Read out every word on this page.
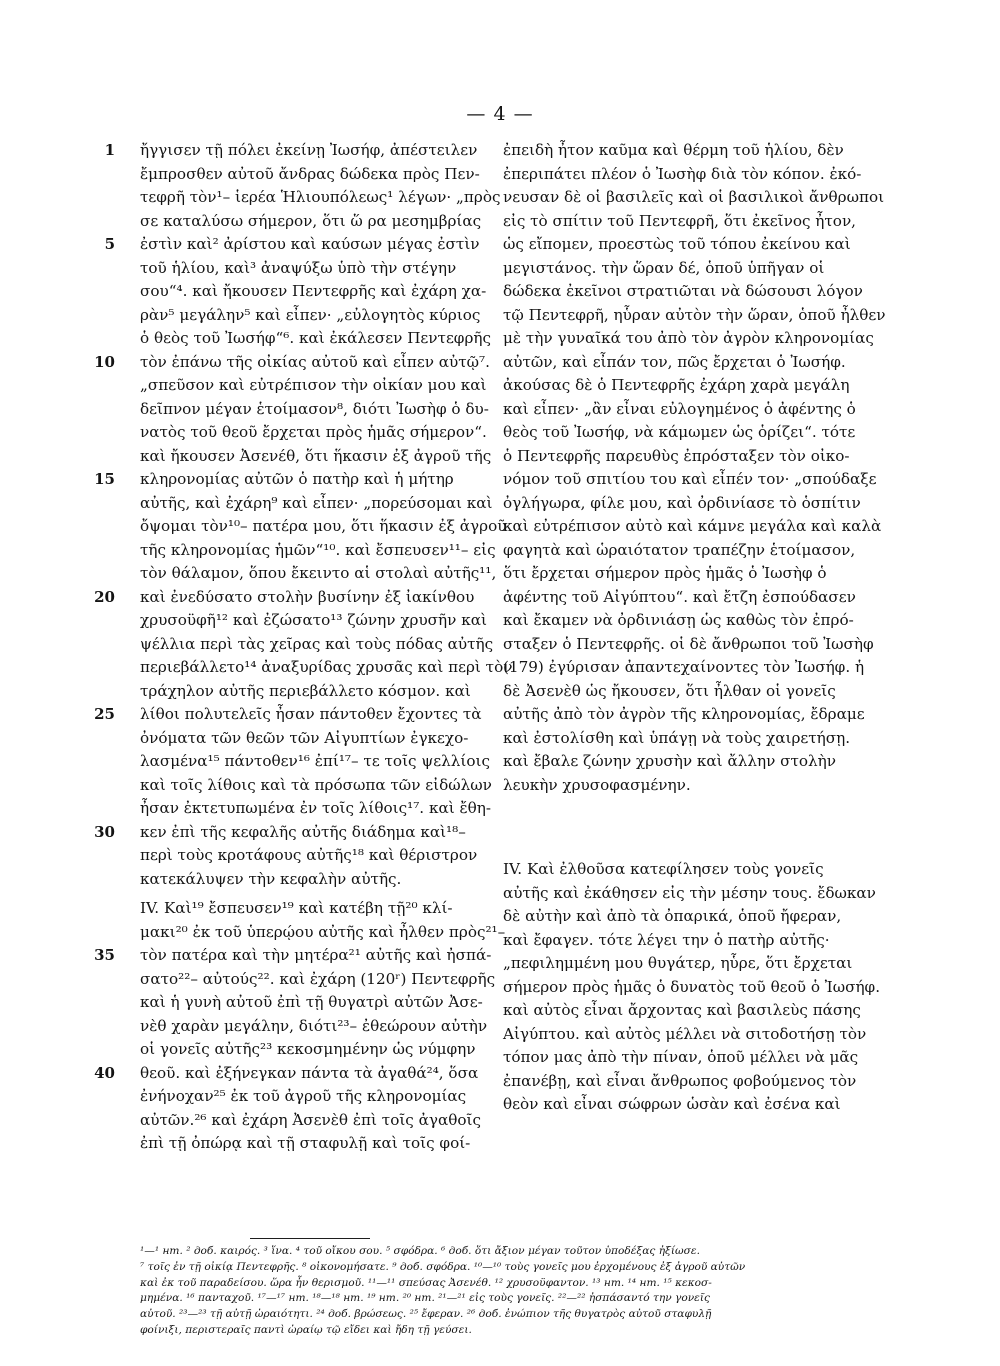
— 4 —
1 ἤγγισεν τῇ πόλει ἐκείνῃ Ἰωσήφ, ἀπέστειλεν
ἔμπροσθεν αὐτοῦ ἄνδρας δώδεκα πρὸς Πεν-
τεφρῆ τὸν¹– ἱερέα Ἡλιουπόλεως¹ λέγων· „πρὸς
σε καταλύσω σήμερον, ὅτι ὥ ρα μεσημβρίας
5 ἐστὶν καὶ² ἀρίστου καὶ καύσων μέγας ἐστὶν
τοῦ ἡλίου, καὶ³ ἀναψύξω ὑπὸ τὴν στέγην
σου“⁴. καὶ ἤκουσεν Πεντεφρῆς καὶ ἐχάρη χα-
ρὰν⁵ μεγάλην⁵ καὶ εἶπεν· „εὐλογητὸς κύριος
ὁ θεὸς τοῦ Ἰωσήφ“⁶. καὶ ἐκάλεσεν Πεντεφρῆς
10 τὸν ἐπάνω τῆς οἰκίας αὐτοῦ καὶ εἶπεν αὐτῷ⁷.
„σπεῦσον καὶ εὐτρέπισον τὴν οἰκίαν μου καὶ
δεῖπνον μέγαν ἑτοίμασον⁸, διότι Ἰωσὴφ ὁ δυ-
νατὸς τοῦ θεοῦ ἔρχεται πρὸς ἡμᾶς σήμερον“.
καὶ ἤκουσεν Ἀσενέθ, ὅτι ἥκασιν ἐξ ἀγροῦ τῆς
15 κληρονομίας αὐτῶν ὁ πατὴρ καὶ ἡ μήτηρ
αὐτῆς, καὶ ἐχάρη⁹ καὶ εἶπεν· „πορεύσομαι καὶ
ὄψομαι τὸν¹⁰– πατέρα μου, ὅτι ἥκασιν ἐξ ἀγροῦ
τῆς κληρονομίας ἡμῶν“¹⁰. καὶ ἔσπευσεν¹¹– εἰς
τὸν θάλαμον, ὅπου ἔκειντο αἱ στολαὶ αὐτῆς¹¹,
20 καὶ ἐνεδύσατο στολὴν βυσίνην ἐξ ἰακίνθου
χρυσοϋφῆ¹² καὶ ἐζώσατο¹³ ζώνην χρυσῆν καὶ
ψέλλια περὶ τὰς χεῖρας καὶ τοὺς πόδας αὐτῆς
περιεβάλλετο¹⁴ ἀναξυρίδας χρυσᾶς καὶ περὶ τὸν
τράχηλον αὐτῆς περιεβάλλετο κόσμον. καὶ
25 λίθοι πολυτελεῖς ἦσαν πάντοθεν ἔχοντες τὰ
ὀνόματα τῶν θεῶν τῶν Αἰγυπτίων ἐγκεχο-
λασμένα¹⁵ πάντοθεν¹⁶ ἐπί¹⁷– τε τοῖς ψελλίοις
καὶ τοῖς λίθοις καὶ τὰ πρόσωπα τῶν εἰδώλων
ἦσαν ἐκτετυπωμένα ἐν τοῖς λίθοις¹⁷. καὶ ἔθη-
30 κεν ἐπὶ τῆς κεφαλῆς αὐτῆς διάδημα καὶ¹⁸–
περὶ τοὺς κροτάφους αὐτῆς¹⁸ καὶ θέριστρον
κατεκάλυψεν τὴν κεφαλὴν αὐτῆς.
IV. Καὶ¹⁹ ἔσπευσεν¹⁹ καὶ κατέβη τῇ²⁰ κλί-
μακι²⁰ ἐκ τοῦ ὑπερῴου αὐτῆς καὶ ἦλθεν πρὸς²¹–
35 τὸν πατέρα καὶ τὴν μητέρα²¹ αὐτῆς καὶ ἠσπά-
σατο²²– αὐτούς²². καὶ ἐχάρη (120ʳ) Πεντεφρῆς
καὶ ἡ γυνὴ αὐτοῦ ἐπὶ τῇ θυγατρὶ αὐτῶν Ἀσε-
νὲθ χαρὰν μεγάλην, διότι²³– ἐθεώρουν αὐτὴν
οἱ γονεῖς αὐτῆς²³ κεκοσμημένην ὡς νύμφην
40 θεοῦ. καὶ ἐξήνεγκαν πάντα τὰ ἀγαθά²⁴, ὅσα
ἐνήνοχαν²⁵ ἐκ τοῦ ἀγροῦ τῆς κληρονομίας
αὐτῶν.²⁶ καὶ ἐχάρη Ἀσενὲθ ἐπὶ τοῖς ἀγαθοῖς
ἐπὶ τῇ ὀπώρᾳ καὶ τῇ σταφυλῇ καὶ τοῖς φοί-
ἐπειδὴ ἦτον καῦμα καὶ θέρμη τοῦ ἡλίου, δὲν
ἐπεριπάτει πλέον ὁ Ἰωσὴφ διὰ τὸν κόπον. ἐκό-
νευσαν δὲ οἱ βασιλεῖς καὶ οἱ βασιλικοὶ ἄνθρωποι
εἰς τὸ σπίτιν τοῦ Πεντεφρῆ, ὅτι ἐκεῖνος ἦτον,
ὡς εἴπομεν, προεστὼς τοῦ τόπου ἐκείνου καὶ
μεγιστάνος. τὴν ὥραν δέ, ὁποῦ ὑπῆγαν οἱ
δώδεκα ἐκεῖνοι στρατιῶται νὰ δώσουσι λόγον
τῷ Πεντεφρῆ, ηὗραν αὐτὸν τὴν ὥραν, ὁποῦ ἦλθεν
μὲ τὴν γυναῖκά του ἀπὸ τὸν ἀγρὸν κληρονομίας
αὐτῶν, καὶ εἶπάν τον, πῶς ἔρχεται ὁ Ἰωσήφ.
ἀκούσας δὲ ὁ Πεντεφρῆς ἐχάρη χαρὰ μεγάλη
καὶ εἶπεν· „ἂν εἶναι εὐλογημένος ὁ ἀφέντης ὁ
θεὸς τοῦ Ἰωσήφ, νὰ κάμωμεν ὡς ὁρίζει“. τότε
ὁ Πεντεφρῆς παρευθὺς ἐπρόσταξεν τὸν οἰκο-
νόμον τοῦ σπιτίου του καὶ εἶπέν τον· „σπούδαξε
ὀγλήγωρα, φίλε μου, καὶ ὀρδινίασε τὸ ὁσπίτιν
καὶ εὐτρέπισον αὐτὸ καὶ κάμνε μεγάλα καὶ καλὰ
φαγητὰ καὶ ὡραιότατον τραπέζην ἑτοίμασον,
ὅτι ἔρχεται σήμερον πρὸς ἡμᾶς ὁ Ἰωσὴφ ὁ
ἀφέντης τοῦ Αἰγύπτου“. καὶ ἔτζη ἐσπούδασεν
καὶ ἔκαμεν νὰ ὀρδινιάσῃ ὡς καθὼς τὸν ἐπρό-
σταξεν ὁ Πεντεφρῆς. οἱ δὲ ἄνθρωποι τοῦ Ἰωσὴφ
(179) ἐγύρισαν ἀπαντεχαίνοντες τὸν Ἰωσήφ. ἡ
δὲ Ἀσενὲθ ὡς ἤκουσεν, ὅτι ἦλθαν οἱ γονεῖς
αὐτῆς ἀπὸ τὸν ἀγρὸν τῆς κληρονομίας, ἔδραμε
καὶ ἐστολίσθη καὶ ὑπάγῃ νὰ τοὺς χαιρετήσῃ.
καὶ ἔβαλε ζώνην χρυσὴν καὶ ἄλλην στολὴν
λευκὴν χρυσοφασμένην.
IV. Καὶ ἐλθοῦσα κατεφίλησεν τοὺς γονεῖς
αὐτῆς καὶ ἐκάθησεν εἰς τὴν μέσην τους. ἔδωκαν
δὲ αὐτὴν καὶ ἀπὸ τὰ ὀπαρικά, ὁποῦ ἤφεραν,
καὶ ἔφαγεν. τότε λέγει την ὁ πατὴρ αὐτῆς·
„πεφιλημμένη μου θυγάτερ, ηὗρε, ὅτι ἔρχεται
σήμερον πρὸς ἡμᾶς ὁ δυνατὸς τοῦ θεοῦ ὁ Ἰωσήφ.
καὶ αὐτὸς εἶναι ἄρχοντας καὶ βασιλεὺς πάσης
Αἰγύπτου. καὶ αὐτὸς μέλλει νὰ σιτοδοτήσῃ τὸν
τόπον μας ἀπὸ τὴν πίναν, ὁποῦ μέλλει νὰ μᾶς
ἐπανέβῃ, καὶ εἶναι ἄνθρωπος φοβούμενος τὸν
θεὸν καὶ εἶναι σώφρων ὡσὰν καὶ ἐσένα καὶ
¹—¹ нт. ² доб. καιρός. ³ ἵνα. ⁴ τοῦ οἴκου σου. ⁵ σφόδρα. ⁶ доб. ὅτι ἄξιον μέγαν τοῦτον ὑποδέξας ἠξίωσε.
⁷ τοῖς ἐν τῇ οἰκίᾳ Πεντεφρῆς. ⁸ οἰκονομήσατε. ⁹ доб. σφόδρα. ¹⁰—¹⁰ τοὺς γονεῖς μου ἐρχομένους ἐξ ἀγροῦ αὐτῶν
καὶ ἐκ τοῦ παραδείσου. ὥρα ἦν θερισμοῦ. ¹¹—¹¹ σπεύσας Ἀσενέθ. ¹² χρυσοϋφαντον. ¹³ нт. ¹⁴ нт. ¹⁵ κεκοσ-
μημένα. ¹⁶ πανταχοῦ. ¹⁷—¹⁷ нт. ¹⁸—¹⁸ нт. ¹⁹ нт. ²⁰ нт. ²¹—²¹ εἰς τοὺς γονεῖς. ²²—²² ἠσπάσαντό την γονεῖς
αὐτοῦ. ²³—²³ τῇ αὐτῇ ὡραιότητι. ²⁴ доб. βρώσεως. ²⁵ ἔφεραν. ²⁶ доб. ἐνώπιον τῆς θυγατρὸς αὐτοῦ σταφυλῇ
φοίνιξι, περιστεραῖς παντὶ ὡραίῳ τῷ εἴδει καὶ ἤδη τῇ γεύσει.
